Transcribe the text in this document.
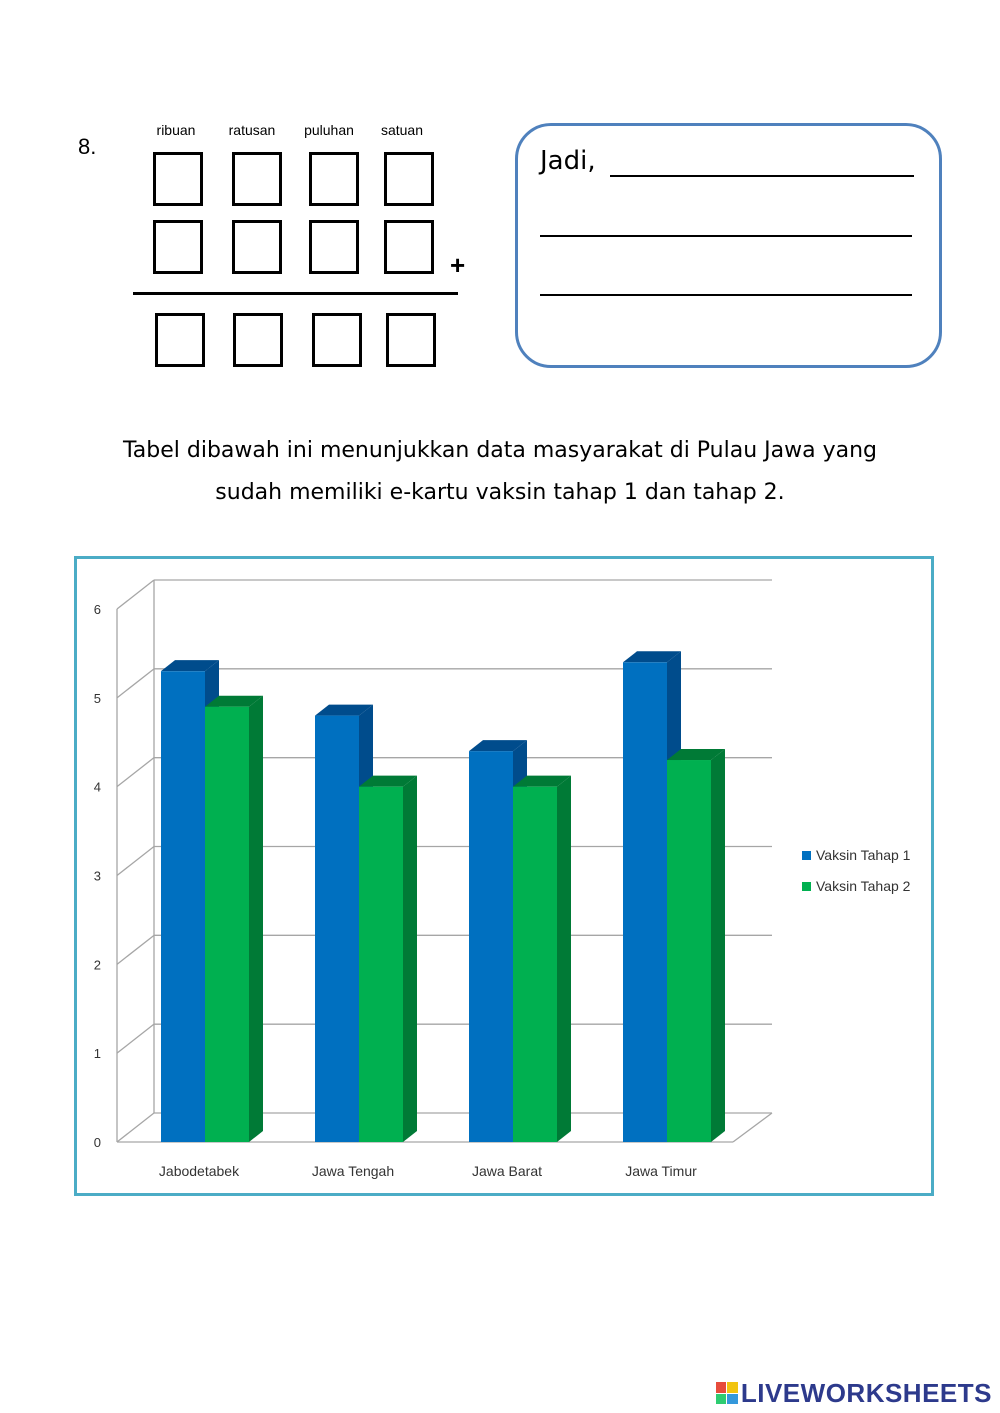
8.
ribuan	ratusan	puluhan	satuan
+
Jadi,
Tabel dibawah ini menunjukkan data masyarakat di Pulau Jawa yang
sudah memiliki e-kartu vaksin tahap 1 dan tahap 2.
0
1
2
3
4
5
6
Jabodetabek	Jawa Tengah	Jawa Barat	Jawa Timur
Vaksin Tahap 1
Vaksin Tahap 2
LIVEWORKSHEETS
